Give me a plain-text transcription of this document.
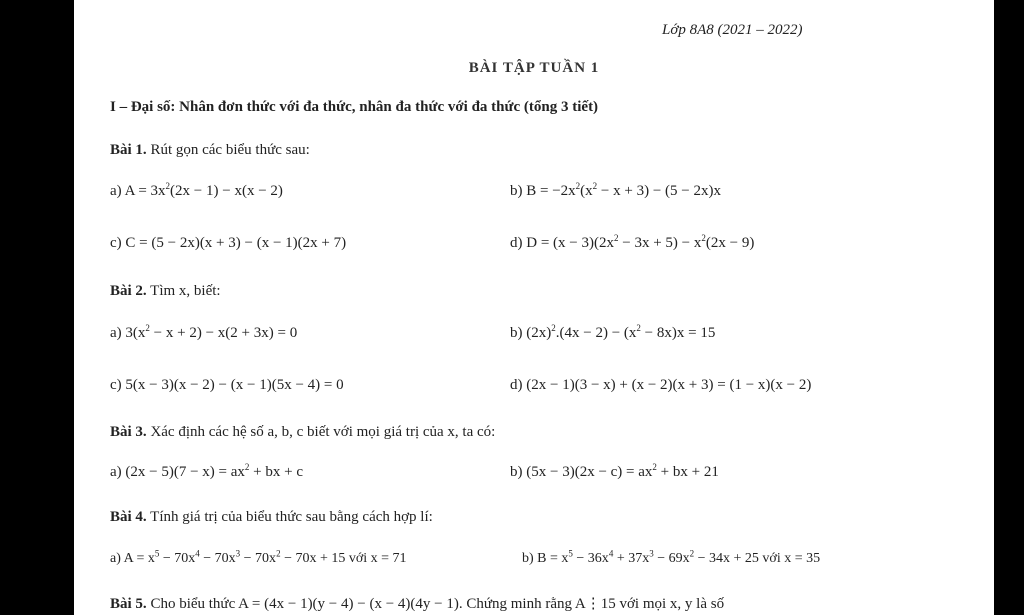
Lớp 8A8 (2021 – 2022)
BÀI TẬP TUẦN 1
I – Đại số: Nhân đơn thức với đa thức, nhân đa thức với đa thức (tổng 3 tiết)
Bài 1. Rút gọn các biểu thức sau:
a) $A = 3x^2(2x - 1) - x(x - 2)$	b) $B = -2x^2(x^2 - x + 3) - (5 - 2x)x$
c) C = (5 − 2x)(x + 3) − (x − 1)(2x + 7)	d) $D = (x - 3)(2x^2 - 3x + 5) - x^2(2x - 9)$
Bài 2. Tìm x, biết:
a) $3(x^2 - x + 2) - x(2 + 3x) = 0$	b) $(2x)^2.(4x - 2) - (x^2 - 8x)x = 15$
c) 5(x − 3)(x − 2) − (x − 1)(5x − 4) = 0	d) (2x − 1)(3 − x) + (x − 2)(x + 3) = (1 − x)(x − 2)
Bài 3. Xác định các hệ số a, b, c biết với mọi giá trị của x, ta có:
a) $(2x - 5)(7 - x) = ax^2$ + bx + c	b) $(5x - 3)(2x - c) = ax^2$ + bx + 21
Bài 4. Tính giá trị của biểu thức sau bằng cách hợp lí:
a) $A = x^5 - 70x^4 - 70x^3 - 70x^2 - 70x + 15$ với x = 71	b) $B = x^5 - 36x^4 + 37x^3 - 69x^2 - 34x + 25$ với x = 35
Bài 5. Cho biểu thức A = (4x − 1)(y − 4) − (x − 4)(4y − 1). Chứng minh rằng A⋮15 với mọi x, y là số
